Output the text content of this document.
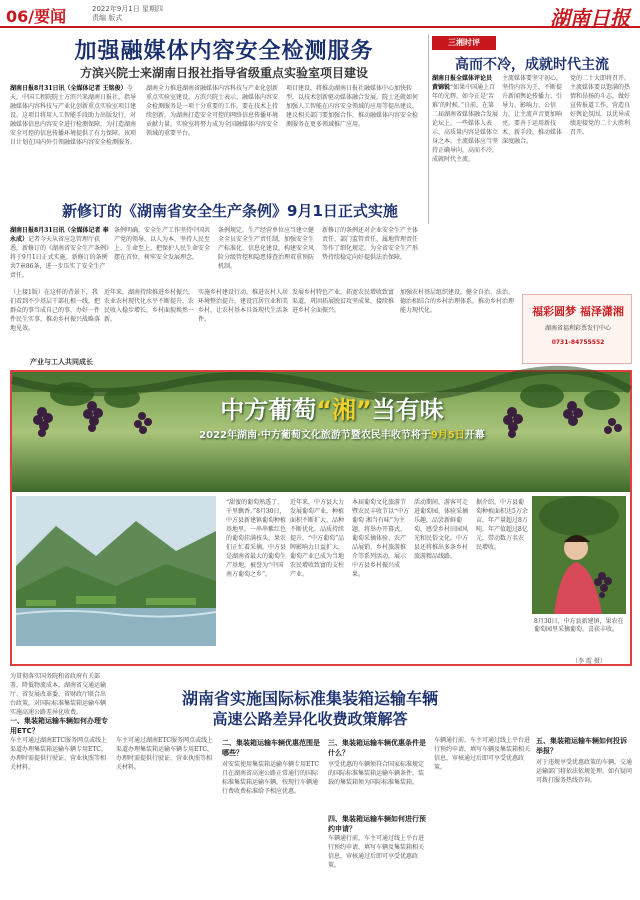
06/要闻	2022年9月1日 星期四
责编 版式	湖南日报
加强融媒体内容安全检测服务
方滨兴院士来湖南日报社指导省级重点实验室项目建设
湖南日报8月31日讯（全媒体记者 王铭俊）今天，中国工程院院士方滨兴来湖南日报社，指导融媒体内容科技与产业化创新重点实验室项目建设。这项目将用人工智能手段助力出版发行，对融媒体信息内容安全进行检测保障，为打造湖南安全可控的信息传播环境提供了有力保障。该项目计划在国内外引领融媒体内容安全检测服务。
湖南全力推进湖南省融媒体内容科技与产业化创新重点实验室建设，方滨兴院士表示，融媒体内容安全检测服务是一项十分重要的工作，要在技术上持续创新，为湖南打造安全可控的网络信息传播环境贡献力量。实验室将努力成为全国融媒体内容安全领域的重要平台。
项目建设，将推动湖南日报社融媒体中心加快转型，以技术创新驱动媒体融合发展。院士还就如何加强人工智能在内容安全领域的应用等提出建议。建议相关部门要加强合作，推动融媒体内容安全检测服务在更多领域推广应用。
三湘时评
高而不冷，成就时代主流
湖南日报全媒体评论员 黄锦锐“如果中国通上百年的光辉，如今正是‘苦难’的时候。”日前，在第二届湖南省媒体融合发展论坛上，一些媒体人表示，高质量内容是媒体立身之本。主流媒体应当坚持正确导向，高而不冷，成就时代主流。
主流媒体要坚守初心，坚持内容为王，不断提升新闻舆论传播力、引导力、影响力、公信力，让主流声音更加响亮。要善于运用新技术、新手段，推动媒体深度融合。
党的二十大即将召开。主流媒体要以饱满的热情和昂扬的斗志，做好宣传报道工作，营造良好舆论氛围，以优异成绩迎接党的二十大胜利召开。
新修订的《湖南省安全生产条例》9月1日正式实施
湖南日报8月31日讯（全媒体记者 奉永成）记者今天从省应急管理厅获悉，新修订的《湖南省安全生产条例》将于9月1日正式实施。新修订的条例共7章86条，进一步压实了安全生产责任。
条例明确，安全生产工作坚持中国共产党的领导，以人为本，坚持人民至上、生命至上，把保护人民生命安全摆在首位，树牢安全发展理念。
条例规定，生产经营单位应当建立健全全员安全生产责任制，加强安全生产标准化、信息化建设，构建安全风险分级管控和隐患排查治理双重预防机制。
新修订的条例还对企业安全生产主体责任、部门监管责任、属地管理责任等作了细化规定，为全省安全生产形势持续稳定向好提供法治保障。
（上接1版）在这样的背景下，我们看到不少基层干部扎根一线，把群众的事当成自己的事，办好一件件民生实事，推动乡村振兴战略落地见效。
近年来，湖南持续推进乡村振兴，农业农村现代化水平不断提升，农民收入稳步增长，乡村面貌焕然一新。
实施乡村建设行动，推进农村人居环境整治提升，建设宜居宜业和美乡村，让农村基本具备现代生活条件。
发展乡村特色产业，拓宽农民增收致富渠道，巩固拓展脱贫攻坚成果，接续推进乡村全面振兴。
加强农村基层组织建设，健全自治、法治、德治相结合的乡村治理体系，推动乡村治理能力现代化。
产业与工人共同成长
福彩圆梦 福泽潇湘
湖南省福利彩票发行中心
0731-84755552
中方葡萄“湘”当有味
2022年湖南·中方葡萄文化旅游节暨农民丰收节将于9月5日开幕
“甜蜜的葡萄熟透了，千里飘香。”8月30日，中方县新建镇葡萄种植基地里，一串串紫红色的葡萄挂满枝头，果农们正忙着采摘。中方县是湖南省最大的葡萄生产基地，被誉为“中国南方葡萄之乡”。
近年来，中方县大力发展葡萄产业，种植面积不断扩大，品种不断优化，品质持续提升，“中方葡萄”品牌影响力日益扩大，葡萄产业已成为当地农民增收致富的支柱产业。
本届葡萄文化旅游节暨农民丰收节以“中方葡萄 湘当有味”为主题，将举办开幕式、葡萄采摘体验、农产品展销、乡村旅游推介等系列活动，展示中方县乡村振兴成果。
活动期间，游客可走进葡萄园，体验采摘乐趣，品尝新鲜葡萄，感受乡村田园风光和民俗文化。中方县还将推出多条乡村旅游精品线路。
据介绍，中方县葡萄种植面积达5万余亩，年产量超过8万吨，年产值超过8亿元，带动数万名农民增收。
8月30日，中方县新建镇，果农在葡萄园里采摘葡萄，喜获丰收。
（李 霞 摄）
为贯彻落实国务院和省政府有关部署，降低物流成本，湖南省交通运输厅、省发展改革委、省财政厅联合出台政策，对国际标准集装箱运输车辆实施高速公路差异化收费。
湖南省实施国际标准集装箱运输车辆
高速公路差异化收费政策解答
一、集装箱运输车辆如何办理专用ETC？
车主可通过湖南ETC服务网点或线上渠道办理集装箱运输车辆专用ETC，办理时需提供行驶证、营业执照等相关材料。
车主可通过湖南ETC服务网点或线上渠道办理集装箱运输车辆专用ETC，办理时需提供行驶证、营业执照等相关材料。
二、集装箱运输车辆优惠范围是哪些？
对安装使用集装箱运输车辆专用ETC且在湖南省高速公路正常通行的国际标准集装箱运输车辆，按现行车辆通行费收费标准给予相应优惠。
三、集装箱运输车辆优惠条件是什么？
享受优惠的车辆须符合国家标准规定的国际标准集装箱运输车辆条件，装载的集装箱须为国际标准集装箱。
四、集装箱运输车辆如何进行预约申请？
车辆通行前，车主可通过线上平台进行预约申请，填写车辆及集装箱相关信息，审核通过后即可享受优惠政策。
车辆通行前，车主可通过线上平台进行预约申请，填写车辆及集装箱相关信息，审核通过后即可享受优惠政策。
五、集装箱运输车辆如何投诉举报？
对于违规享受优惠政策的车辆，交通运输部门将依法依规处理。如有疑问可拨打服务热线咨询。
